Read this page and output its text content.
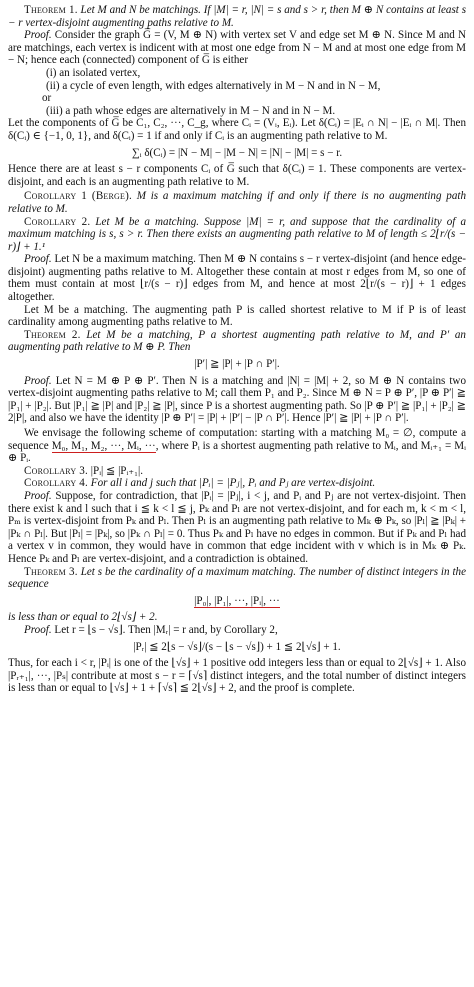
Theorem 1. Let M and N be matchings. If |M| = r, |N| = s and s > r, then M ⊕ N contains at least s − r vertex-disjoint augmenting paths relative to M.

Proof. Consider the graph G̅ = (V, M ⊕ N) with vertex set V and edge set M ⊕ N. Since M and N are matchings, each vertex is indicent with at most one edge from N − M and at most one edge from M − N; hence each (connected) component of G̅ is either

(i) an isolated vertex,

(ii) a cycle of even length, with edges alternatively in M − N and in N − M,

or

(iii) a path whose edges are alternatively in M − N and in N − M.

Let the components of G̅ be C₁, C₂, ···, C_g, where Cᵢ = (Vᵢ, Eᵢ). Let δ(Cᵢ) = |Eᵢ ∩ N| − |Eᵢ ∩ M|. Then δ(Cᵢ) ∈ {−1, 0, 1}, and δ(Cᵢ) = 1 if and only if Cᵢ is an augmenting path relative to M.

∑ᵢ δ(Cᵢ) = |N − M| − |M − N| = |N| − |M| = s − r.

Hence there are at least s − r components Cᵢ of G̅ such that δ(Cᵢ) = 1. These components are vertex-disjoint, and each is an augmenting path relative to M.

Corollary 1 (Berge). M is a maximum matching if and only if there is no augmenting path relative to M.

Corollary 2. Let M be a matching. Suppose |M| = r, and suppose that the cardinality of a maximum matching is s, s > r. Then there exists an augmenting path relative to M of length ≤ 2⌊r/(s − r)⌋ + 1.¹

Proof. Let N be a maximum matching. Then M ⊕ N contains s − r vertex-disjoint (and hence edge-disjoint) augmenting paths relative to M. Altogether these contain at most r edges from M, so one of them must contain at most ⌊r/(s − r)⌋ edges from M, and hence at most 2⌊r/(s − r)⌋ + 1 edges altogether.

Let M be a matching. The augmenting path P is called shortest relative to M if P is of least cardinality among augmenting paths relative to M.

Theorem 2. Let M be a matching, P a shortest augmenting path relative to M, and P′ an augmenting path relative to M ⊕ P. Then

|P′| ≧ |P| + |P ∩ P′|.

Proof. Let N = M ⊕ P ⊕ P′. Then N is a matching and |N| = |M| + 2, so M ⊕ N contains two vertex-disjoint augmenting paths relative to M; call them P₁ and P₂. Since M ⊕ N = P ⊕ P′, |P ⊕ P′| ≧ |P₁| + |P₂|. But |P₁| ≧ |P| and |P₂| ≧ |P|, since P is a shortest augmenting path. So |P ⊕ P′| ≧ |P₁| + |P₂| ≧ 2|P|, and also we have the identity |P ⊕ P′| = |P| + |P′| − |P ∩ P′|. Hence |P′| ≧ |P| + |P ∩ P′|.

We envisage the following scheme of computation: starting with a matching M₀ = ∅, compute a sequence M₀, M₁, M₂, ···, Mᵢ, ···, where Pᵢ is a shortest augmenting path relative to Mᵢ, and Mᵢ₊₁ = Mᵢ ⊕ Pᵢ.

Corollary 3. |Pᵢ| ≦ |Pᵢ₊₁|.

Corollary 4. For all i and j such that |Pᵢ| = |Pⱼ|, Pᵢ and Pⱼ are vertex-disjoint.

Proof. Suppose, for contradiction, that |Pᵢ| = |Pⱼ|, i < j, and Pᵢ and Pⱼ are not vertex-disjoint. Then there exist k and l such that i ≦ k < l ≦ j, Pₖ and Pₗ are not vertex-disjoint, and for each m, k < m < l, Pₘ is vertex-disjoint from Pₖ and Pₗ. Then Pₗ is an augmenting path relative to Mₖ ⊕ Pₖ, so |Pₗ| ≧ |Pₖ| + |Pₖ ∩ Pₗ|. But |Pₗ| = |Pₖ|, so |Pₖ ∩ Pₗ| = 0. Thus Pₖ and Pₗ have no edges in common. But if Pₖ and Pₗ had a vertex v in common, they would have in common that edge incident with v which is in Mₖ ⊕ Pₖ. Hence Pₖ and Pₗ are vertex-disjoint, and a contradiction is obtained.

Theorem 3. Let s be the cardinality of a maximum matching. The number of distinct integers in the sequence

|P₀|, |P₁|, ···, |Pᵢ|, ···

is less than or equal to 2⌊√s⌋ + 2.

Proof. Let r = ⌊s − √s⌋. Then |Mᵣ| = r and, by Corollary 2,

|Pᵣ| ≦ 2⌊s − √s⌋/(s − ⌊s − √s⌋) + 1 ≦ 2⌊√s⌋ + 1.

Thus, for each i < r, |Pᵢ| is one of the ⌊√s⌋ + 1 positive odd integers less than or equal to 2⌊√s⌋ + 1. Also |Pᵣ₊₁|, ···, |Pₛ| contribute at most s − r = ⌈√s⌉ distinct integers, and the total number of distinct integers is less than or equal to ⌊√s⌋ + 1 + ⌈√s⌉ ≦ 2⌊√s⌋ + 2, and the proof is complete.
